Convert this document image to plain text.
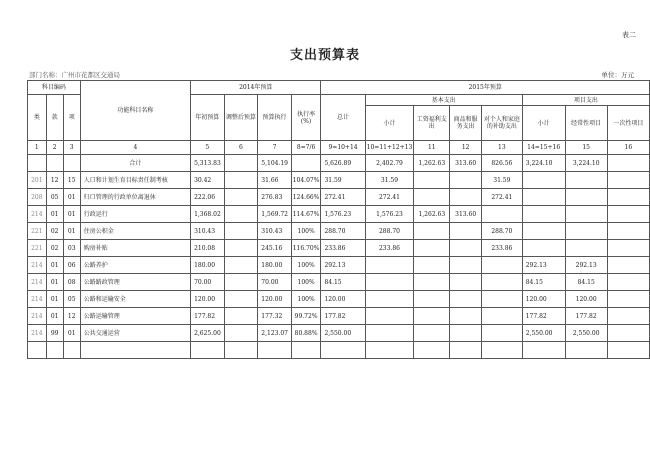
表二
支出预算表
部门名称：广州市花都区交通局	单位：万元
科目编码			功能科目名称	2014年预算				2015年预算							
类	款	项		年初预算	调整后预算	预算执行	执行率(%)	总计	基本支出				项目支出		
									小计	工资福利支出	商品和服务支出	对个人和家庭的补助支出	小计	经常性项目	一次性项目
1	2	3	4	5	6	7	8=7/6	9=10+14	10=11+12+13	11	12	13	14=15+16	15	16
			合计	5,313.83		5,104.19		5,626.89	2,402.79	1,262.63	313.60	826.56	3,224.10	3,224.10	
201	12	15	人口和计划生育目标责任制考核	30.42		31.66	104.07%	31.59	31.59			31.59			
208	05	01	归口管理的行政单位离退休	222.06		276.83	124.66%	272.41	272.41			272.41			
214	01	01	行政运行	1,368.02		1,569.72	114.67%	1,576.23	1,576.23	1,262.63	313.60				
221	02	01	住房公积金	310.43		310.43	100%	288.70	288.70			288.70			
221	02	03	购房补贴	210.08		245.16	116.70%	233.86	233.86			233.86			
214	01	06	公路养护	180.00		180.00	100%	292.13					292.13	292.13	
214	01	08	公路路政管理	70.00		70.00	100%	84.15					84.15	84.15	
214	01	05	公路和运输安全	120.00		120.00	100%	120.00					120.00	120.00	
214	01	12	公路运输管理	177.82		177.32	99.72%	177.82					177.82	177.82	
214	99	01	公共交通运营	2,625.00		2,123.07	80.88%	2,550.00					2,550.00	2,550.00	
